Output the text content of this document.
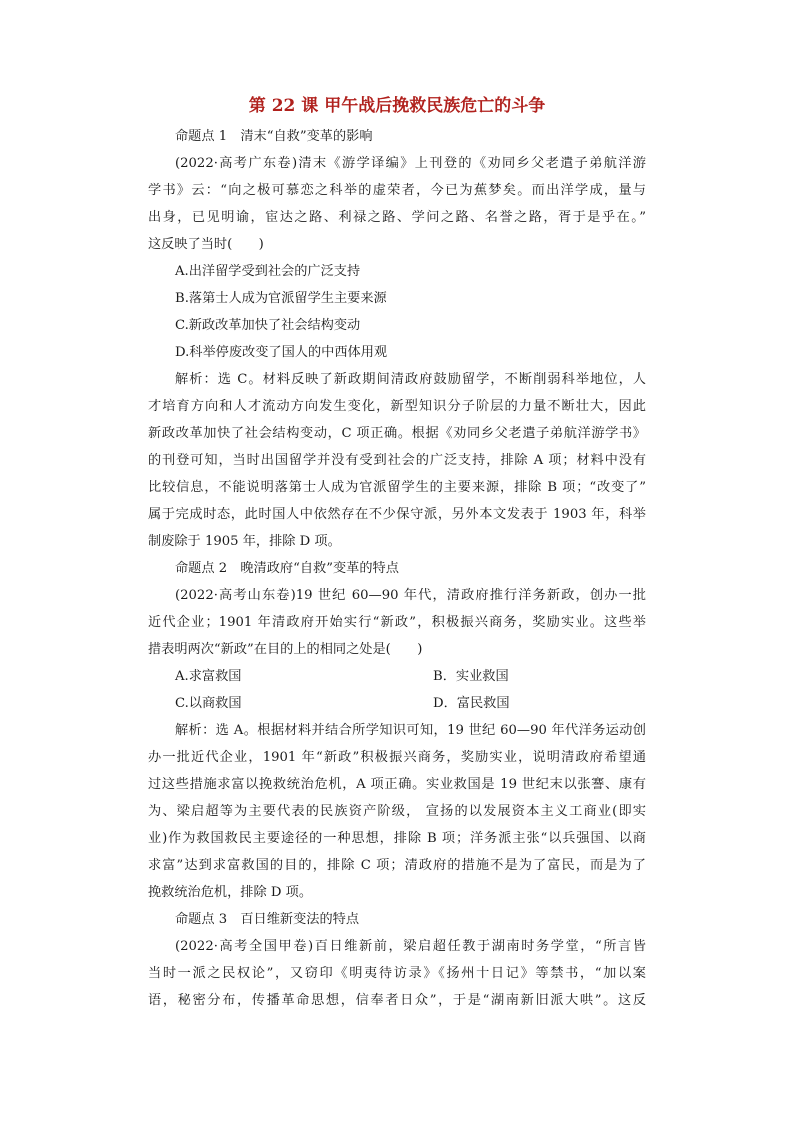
第 22 课 甲午战后挽救民族危亡的斗争
命题点 1　清末“自救”变革的影响
(2022·高考广东卷)清末《游学译编》上刊登的《劝同乡父老遣子弟航洋游
学书》云：“向之极可慕恋之科举的虚荣者，今已为蕉梦矣。而出洋学成，量与
出身，已见明谕，宦达之路、利禄之路、学问之路、名誉之路，胥于是乎在。”
这反映了当时(　　)
A.出洋留学受到社会的广泛支持
B.落第士人成为官派留学生主要来源
C.新政改革加快了社会结构变动
D.科举停废改变了国人的中西体用观
解析：选 C。材料反映了新政期间清政府鼓励留学，不断削弱科举地位，人
才培育方向和人才流动方向发生变化，新型知识分子阶层的力量不断壮大，因此
新政改革加快了社会结构变动，C 项正确。根据《劝同乡父老遣子弟航洋游学书》
的刊登可知，当时出国留学并没有受到社会的广泛支持，排除 A 项；材料中没有
比较信息，不能说明落第士人成为官派留学生的主要来源，排除 B 项；“改变了”
属于完成时态，此时国人中依然存在不少保守派，另外本文发表于 1903 年，科举
制废除于 1905 年，排除 D 项。
命题点 2　晚清政府“自救”变革的特点
(2022·高考山东卷)19 世纪 60—90 年代，清政府推行洋务新政，创办一批
近代企业；1901 年清政府开始实行“新政”，积极振兴商务，奖励实业。这些举
措表明两次“新政”在目的上的相同之处是(　　)
A.求富救国	B．实业救国
C.以商救国	D．富民救国
解析：选 A。根据材料并结合所学知识可知，19 世纪 60—90 年代洋务运动创
办一批近代企业，1901 年“新政”积极振兴商务，奖励实业，说明清政府希望通
过这些措施求富以挽救统治危机，A 项正确。实业救国是 19 世纪末以张謇、康有
为、梁启超等为主要代表的民族资产阶级， 宣扬的以发展资本主义工商业(即实
业)作为救国救民主要途径的一种思想，排除 B 项；洋务派主张“以兵强国、以商
求富”达到求富救国的目的，排除 C 项；清政府的措施不是为了富民，而是为了
挽救统治危机，排除 D 项。
命题点 3　百日维新变法的特点
(2022·高考全国甲卷)百日维新前，梁启超任教于湖南时务学堂，“所言皆
当时一派之民权论”，又窃印《明夷待访录》《扬州十日记》等禁书，“加以案
语，秘密分布，传播革命思想，信奉者日众”，于是“湖南新旧派大哄”。这反
